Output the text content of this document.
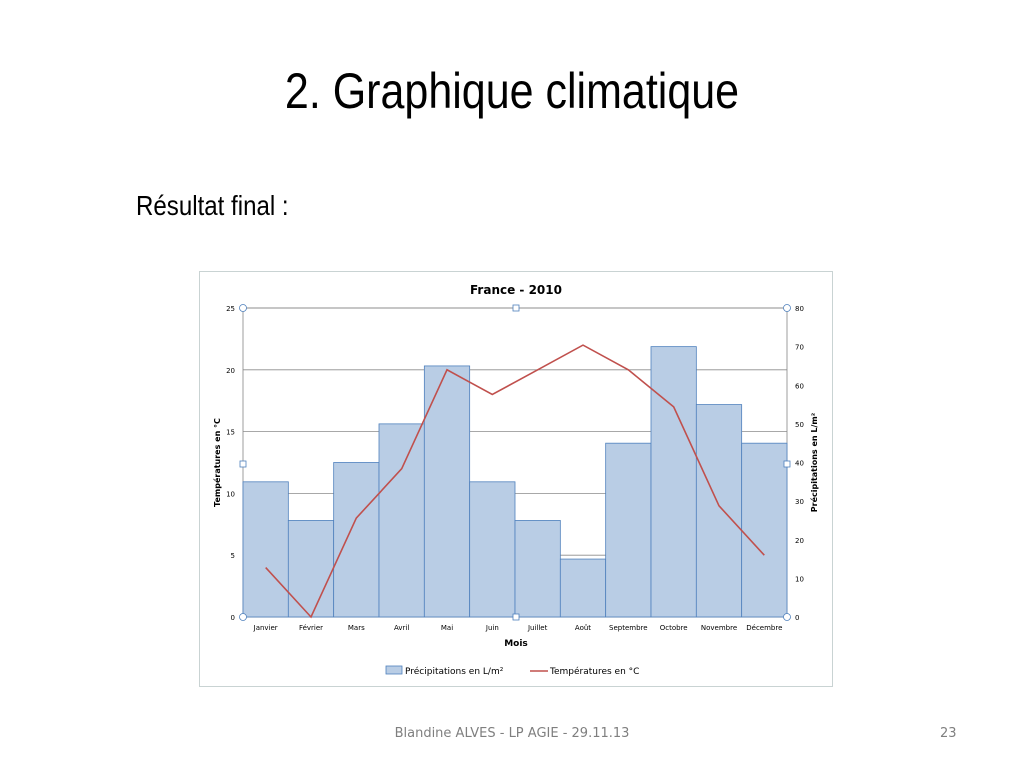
2. Graphique climatique
Résultat final :
France - 2010
0
5
10
15
20
25
0
10
20
30
40
50
60
70
80
Janvier	Février	Mars	Avril	Mai	Juin	Juillet	Août	Septembre Octobre Novembre Décembre
Mois
Températures en °C	Précipitations en L/m²
Précipitations en L/m²	Températures en °C
Blandine ALVES - LP AGIE - 29.11.13	23
